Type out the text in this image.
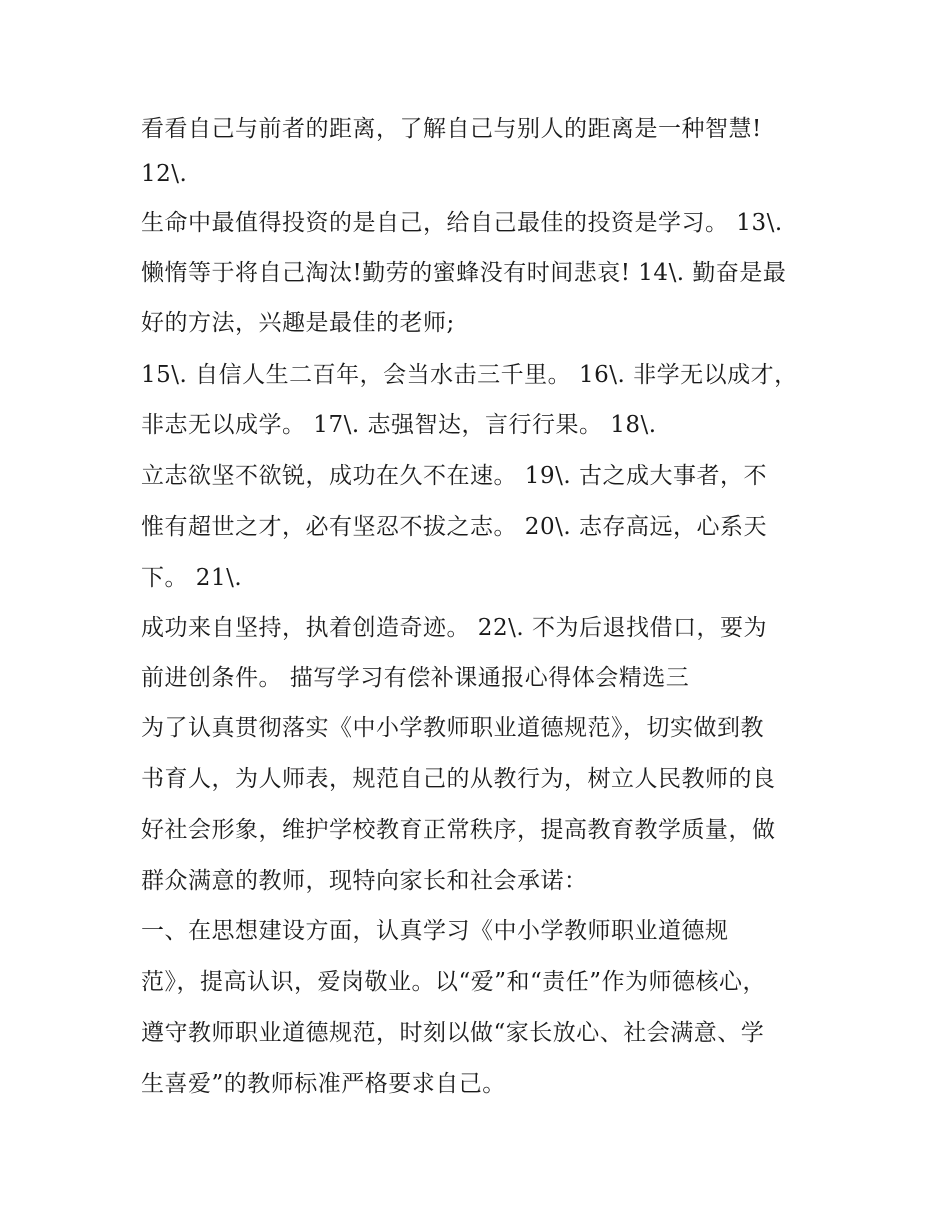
看看自己与前者的距离，了解自己与别人的距离是一种智慧!
12\.
生命中最值得投资的是自己，给自己最佳的投资是学习。 13\.
懒惰等于将自己淘汰!勤劳的蜜蜂没有时间悲哀! 14\. 勤奋是最
好的方法，兴趣是最佳的老师;
15\. 自信人生二百年，会当水击三千里。 16\. 非学无以成才，
非志无以成学。 17\. 志强智达，言行行果。 18\.
立志欲坚不欲锐，成功在久不在速。 19\. 古之成大事者，不
惟有超世之才，必有坚忍不拔之志。 20\. 志存高远，心系天
下。 21\.
成功来自坚持，执着创造奇迹。 22\. 不为后退找借口，要为
前进创条件。 描写学习有偿补课通报心得体会精选三
为了认真贯彻落实《中小学教师职业道德规范》，切实做到教
书育人，为人师表，规范自己的从教行为，树立人民教师的良
好社会形象，维护学校教育正常秩序，提高教育教学质量，做
群众满意的教师，现特向家长和社会承诺：
一、在思想建设方面，认真学习《中小学教师职业道德规
范》，提高认识，爱岗敬业。以“爱”和“责任”作为师德核心，
遵守教师职业道德规范，时刻以做“家长放心、社会满意、学
生喜爱”的教师标准严格要求自己。
